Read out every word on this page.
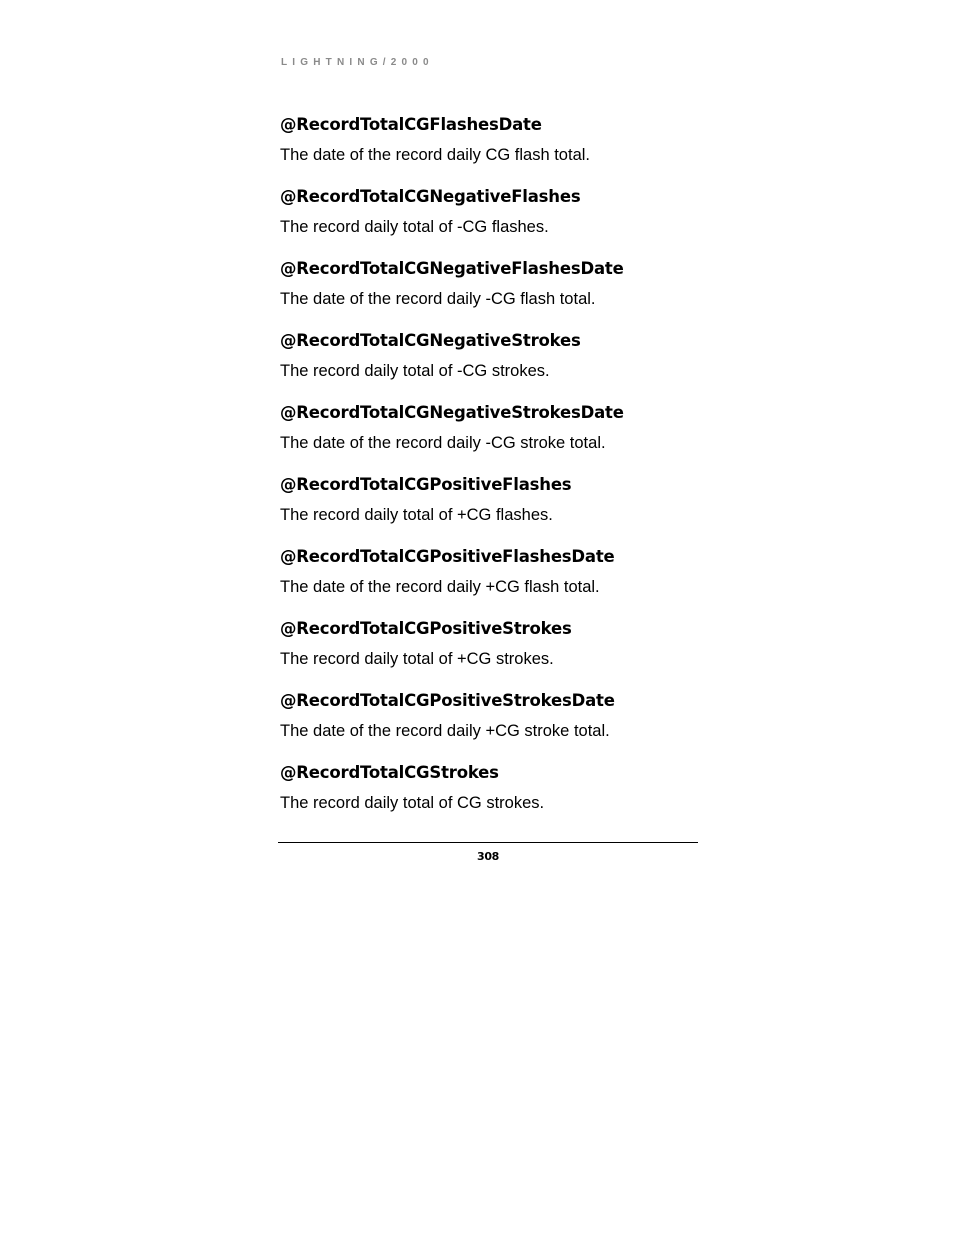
LIGHTNING/2000
@RecordTotalCGFlashesDate
The date of the record daily CG flash total.
@RecordTotalCGNegativeFlashes
The record daily total of -CG flashes.
@RecordTotalCGNegativeFlashesDate
The date of the record daily -CG flash total.
@RecordTotalCGNegativeStrokes
The record daily total of -CG strokes.
@RecordTotalCGNegativeStrokesDate
The date of the record daily -CG stroke total.
@RecordTotalCGPositiveFlashes
The record daily total of +CG flashes.
@RecordTotalCGPositiveFlashesDate
The date of the record daily +CG flash total.
@RecordTotalCGPositiveStrokes
The record daily total of +CG strokes.
@RecordTotalCGPositiveStrokesDate
The date of the record daily +CG stroke total.
@RecordTotalCGStrokes
The record daily total of CG strokes.
308
